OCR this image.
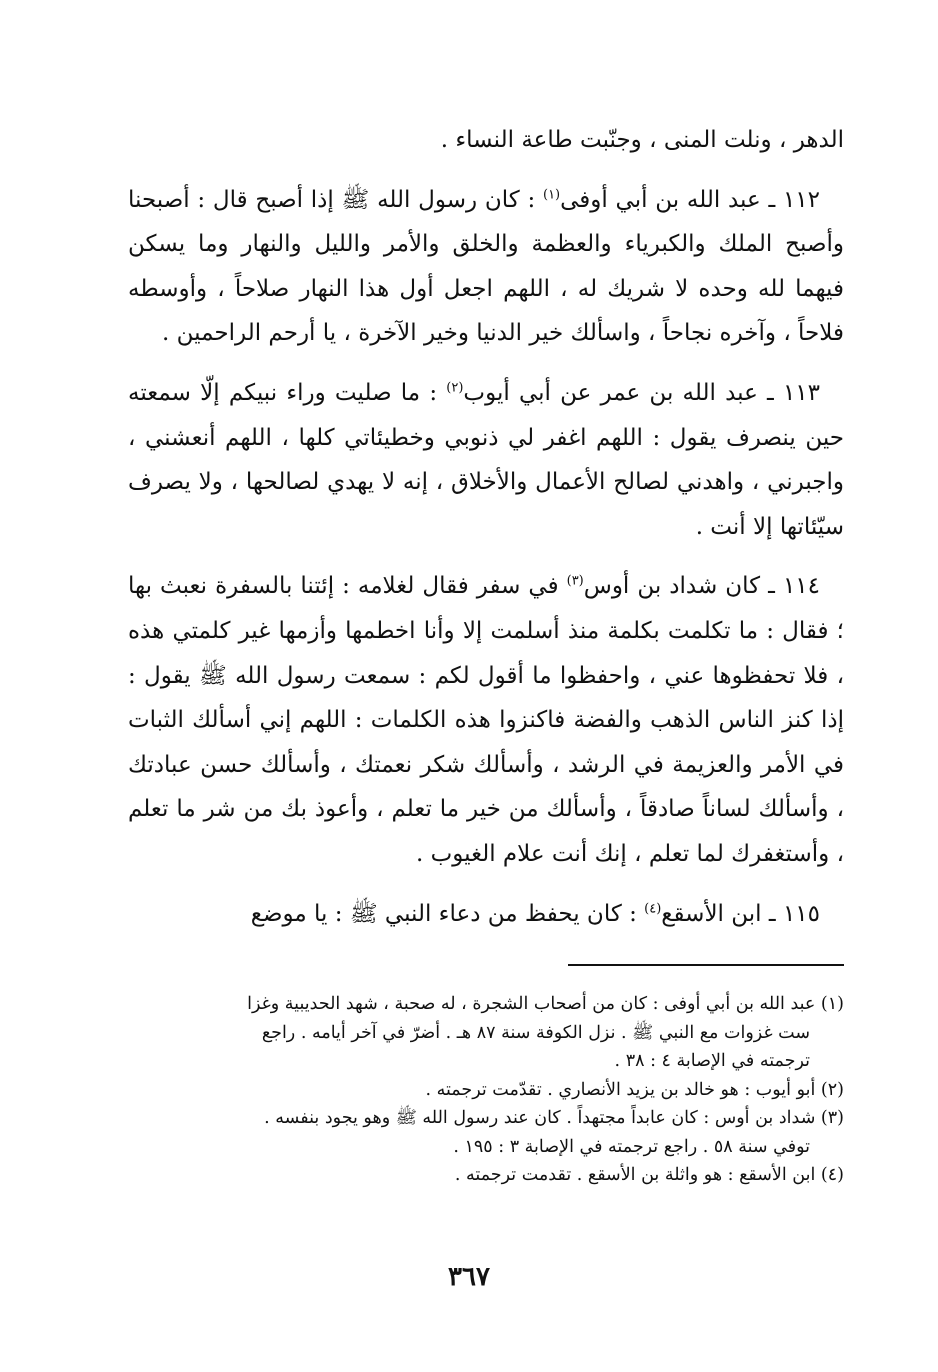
الدهر ، ونلت المنى ، وجنّبت طاعة النساء .

١١٢ ـ عبد الله بن أبي أوفى$^{(١)}$ : كان رسول الله ﷺ إذا أصبح قال : أصبحنا وأصبح الملك والكبرياء والعظمة والخلق والأمر والليل والنهار وما يسكن فيهما لله وحده لا شريك له ، اللهم اجعل أول هذا النهار صلاحاً ، وأوسطه فلاحاً ، وآخره نجاحاً ، واسألك خير الدنيا وخير الآخرة ، يا أرحم الراحمين .

١١٣ ـ عبد الله بن عمر عن أبي أيوب$^{(٢)}$ : ما صليت وراء نبيكم إلّا سمعته حين ينصرف يقول : اللهم اغفر لي ذنوبي وخطيئاتي كلها ، اللهم أنعشني ، واجبرني ، واهدني لصالح الأعمال والأخلاق ، إنه لا يهدي لصالحها ، ولا يصرف سيّئاتها إلا أنت .

١١٤ ـ كان شداد بن أوس$^{(٣)}$ في سفر فقال لغلامه : إئتنا بالسفرة نعبث بها ؛ فقال : ما تكلمت بكلمة منذ أسلمت إلا وأنا اخطمها وأزمها غير كلمتي هذه ، فلا تحفظوها عني ، واحفظوا ما أقول لكم : سمعت رسول الله ﷺ يقول : إذا كنز الناس الذهب والفضة فاكنزوا هذه الكلمات : اللهم إني أسألك الثبات في الأمر والعزيمة في الرشد ، وأسألك شكر نعمتك ، وأسألك حسن عبادتك ، وأسألك لساناً صادقاً ، وأسألك من خير ما تعلم ، وأعوذ بك من شر ما تعلم ، وأستغفرك لما تعلم ، إنك أنت علام الغيوب .

١١٥ ـ ابن الأسقع$^{(٤)}$ : كان يحفظ من دعاء النبي ﷺ : يا موضع

(١) عبد الله بن أبي أوفى : كان من أصحاب الشجرة ، له صحبة ، شهد الحديبية وغزا

ست غزوات مع النبي ﷺ . نزل الكوفة سنة ٨٧ هـ . أضرّ في آخر أيامه . راجع

ترجمته في الإصابة ٤ : ٣٨ .

(٢) أبو أيوب : هو خالد بن يزيد الأنصاري . تقدّمت ترجمته .

(٣) شداد بن أوس : كان عابداً مجتهداً . كان عند رسول الله ﷺ وهو يجود بنفسه .

توفي سنة ٥٨ . راجع ترجمته في الإصابة ٣ : ١٩٥ .

(٤) ابن الأسقع : هو واثلة بن الأسقع . تقدمت ترجمته .

٣٦٧
